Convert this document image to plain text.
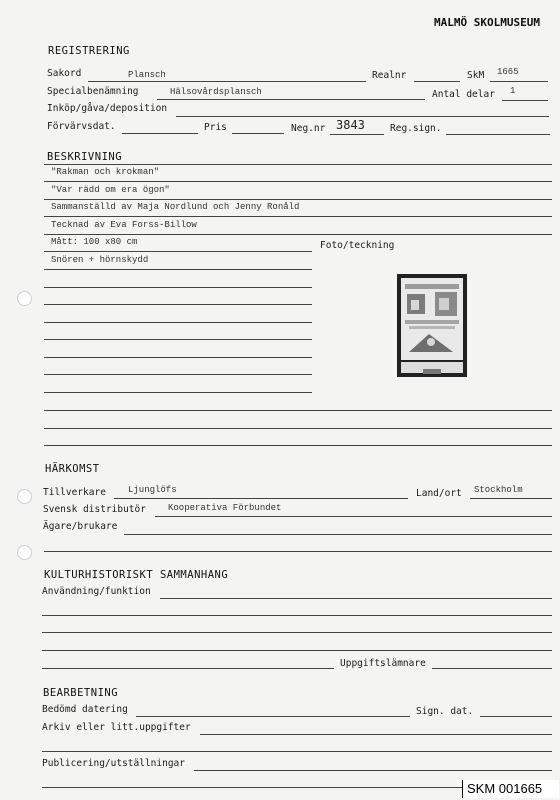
MALMÖ SKOLMUSEUM
REGISTRERING
Sakord	Plansch	Realnr	SkM 1665
Specialbenämning	Hälsovårdsplansch	Antal delar 1
Inköp/gåva/deposition
Förvärvsdat.	Pris	Neg.nr 3843	Reg.sign.
BESKRIVNING
"Rakman och krokman"
"Var rädd om era ögon"
Sammanställd av Maja Nordlund och Jenny Ronåld
Tecknad av Eva Forss-Billow
Mått: 100 x80 cm
Snören + hörnskydd
Foto/teckning
HÄRKOMST
Tillverkare Ljunglöfs	Land/ort Stockholm
Svensk distributör Kooperativa Förbundet
Ägare/brukare
KULTURHISTORISKT SAMMANHANG
Användning/funktion
Uppgiftslämnare
BEARBETNING
Bedömd datering	Sign. dat.
Arkiv eller litt.uppgifter
Publicering/utställningar
SKM 001665
